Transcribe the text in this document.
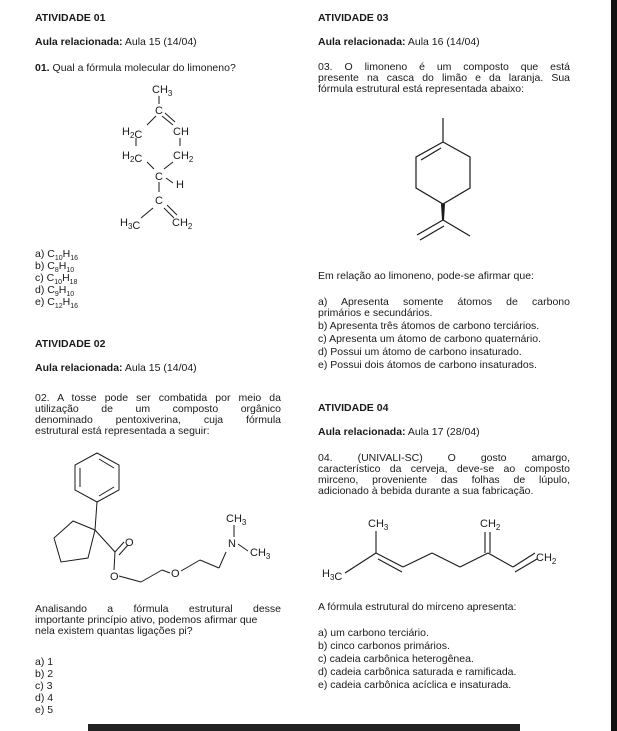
ATIVIDADE 01
Aula relacionada: Aula 15 (14/04)
01. Qual a fórmula molecular do limoneno?
$CH_3$
C
$H_2C$	CH
$H_2C$	$CH_2$
C
H
C
$H_3C$	$CH_2$
a) $C_{10}H_{16}$
b) $C_8H_{10}$
c) $C_{10}H_{18}$
d) $C_9H_{10}$
e) $C_{12}H_{16}$
ATIVIDADE 02
Aula relacionada: Aula 15 (14/04)
02. A tosse pode ser combatida por meio da
utilização de um composto orgânico
denominado pentoxiverina, cuja fórmula
estrutural está representada a seguir:
O
O	O
$CH_3$
N
$CH_3$
Analisando a fórmula estrutural desse
importante princípio ativo, podemos afirmar que
nela existem quantas ligações pi?
a) 1
b) 2
c) 3
d) 4
e) 5
ATIVIDADE 03
Aula relacionada: Aula 16 (14/04)
03. O limoneno é um composto que está
presente na casca do limão e da laranja. Sua
fórmula estrutural está representada abaixo:
Em relação ao limoneno, pode-se afirmar que:
a) Apresenta somente átomos de carbono
primários e secundários.
b) Apresenta três átomos de carbono terciários.
c) Apresenta um átomo de carbono quaternário.
d) Possui um átomo de carbono insaturado.
e) Possui dois átomos de carbono insaturados.
ATIVIDADE 04
Aula relacionada: Aula 17 (28/04)
04. (UNIVALI-SC) O gosto amargo,
característico da cerveja, deve-se ao composto
mirceno, proveniente das folhas de lúpulo,
adicionado à bebida durante a sua fabricação.
$CH_3$	$CH_2$
$CH_2$
$H_3C$
A fórmula estrutural do mirceno apresenta:
a) um carbono terciário.
b) cinco carbonos primários.
c) cadeia carbônica heterogênea.
d) cadeia carbônica saturada e ramificada.
e) cadeia carbônica acíclica e insaturada.
